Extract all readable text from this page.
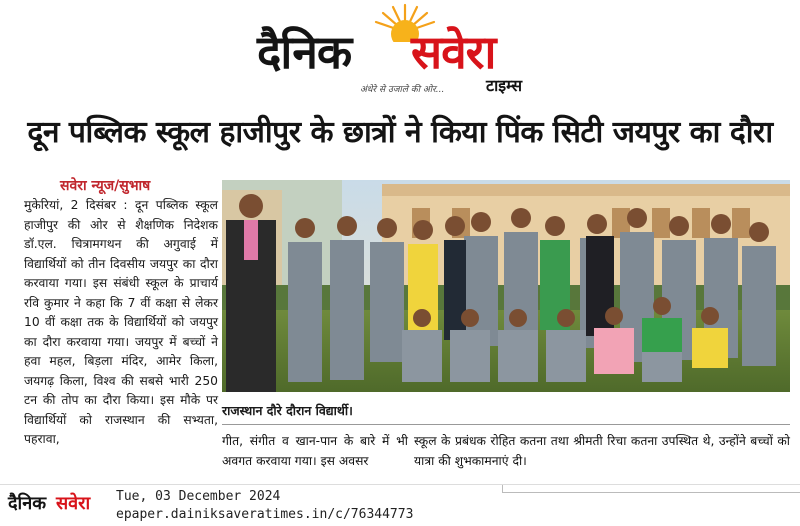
दैनिक सवेरा
अंधेरे से उजाले की ओर...	टाइम्स
दून पब्लिक स्कूल हाजीपुर के छात्रों ने किया पिंक सिटी जयपुर का दौरा
सवेरा न्यूज/सुभाष
मुकेरियां, 2 दिसंबर : दून पब्लिक स्कूल हाजीपुर की ओर से शैक्षणिक निदेशक डॉ.एल. चित्रामगथन की अगुवाई में विद्यार्थियों को तीन दिवसीय जयपुर का दौरा करवाया गया। इस संबंधी स्कूल के प्राचार्य रवि कुमार ने कहा कि 7 वीं कक्षा से लेकर 10 वीं कक्षा तक के विद्यार्थियों को जयपुर का दौरा करवाया गया। जयपुर में बच्चों ने हवा महल, बिड़ला मंदिर, आमेर किला, जयगढ़ किला, विश्व की सबसे भारी 250 टन की तोप का दौरा किया। इस मौके पर विद्यार्थियों को राजस्थान की सभ्यता, पहरावा,
राजस्थान दौरे दौरान विद्यार्थी।
गीत, संगीत व खान-पान के बारे में भी अवगत करवाया गया। इस अवसर
स्कूल के प्रबंधक रोहित कतना तथा श्रीमती रिचा कतना उपस्थित थे, उन्होंने बच्चों को यात्रा की शुभकामनाएं दी।
दैनिक सवेरा Tue, 03 December 2024
epaper.dainiksaveratimes.in/c/76344773
